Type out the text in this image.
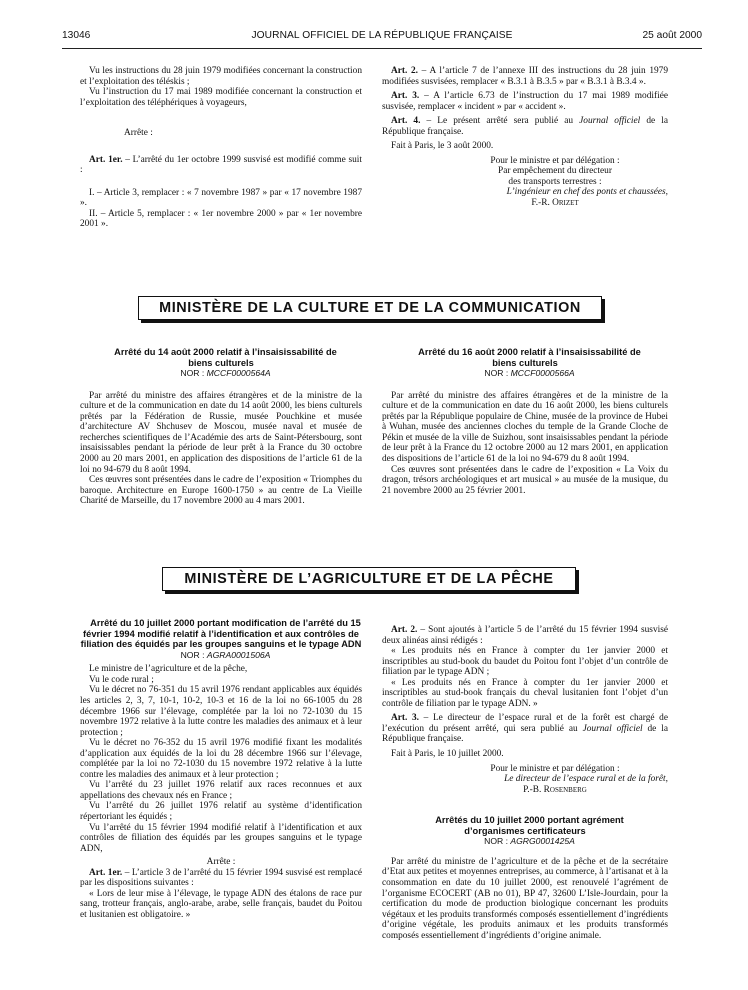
13046	JOURNAL OFFICIEL DE LA RÉPUBLIQUE FRANÇAISE	25 août 2000

Vu les instructions du 28 juin 1979 modifiées concernant la construction et l’exploitation des téléskis ;

Vu l’instruction du 17 mai 1989 modifiée concernant la construction et l’exploitation des téléphériques à voyageurs,

Arrête :

Art. 1er. – L’arrêté du 1er octobre 1999 susvisé est modifié comme suit :

I. – Article 3, remplacer : « 7 novembre 1987 » par « 17 novembre 1987 ».

II. – Article 5, remplacer : « 1er novembre 2000 » par « 1er novembre 2001 ».

Art. 2. – A l’article 7 de l’annexe III des instructions du 28 juin 1979 modifiées susvisées, remplacer « B.3.1 à B.3.5 » par « B.3.1 à B.3.4 ».

Art. 3. – A l’article 6.73 de l’instruction du 17 mai 1989 modifiée susvisée, remplacer « incident » par « accident ».

Art. 4. – Le présent arrêté sera publié au Journal officiel de la République française.

Fait à Paris, le 3 août 2000.

Pour le ministre et par délégation :

Par empêchement du directeur

des transports terrestres :

L’ingénieur en chef des ponts et chaussées,

F.-R. Orizet

MINISTÈRE DE LA CULTURE ET DE LA COMMUNICATION

Arrêté du 14 août 2000 relatif à l’insaisissabilité de biens culturels

NOR : MCCF0000564A

Par arrêté du ministre des affaires étrangères et de la ministre de la culture et de la communication en date du 14 août 2000, les biens culturels prêtés par la Fédération de Russie, musée Pouchkine et musée d’architecture AV Shchusev de Moscou, musée naval et musée de recherches scientifiques de l’Académie des arts de Saint-Pétersbourg, sont insaisissables pendant la période de leur prêt à la France du 30 octobre 2000 au 20 mars 2001, en application des dispositions de l’article 61 de la loi no 94-679 du 8 août 1994.

Ces œuvres sont présentées dans le cadre de l’exposition « Triomphes du baroque. Architecture en Europe 1600-1750 » au centre de La Vieille Charité de Marseille, du 17 novembre 2000 au 4 mars 2001.

Arrêté du 16 août 2000 relatif à l’insaisissabilité de biens culturels

NOR : MCCF0000566A

Par arrêté du ministre des affaires étrangères et de la ministre de la culture et de la communication en date du 16 août 2000, les biens culturels prêtés par la République populaire de Chine, musée de la province de Hubei à Wuhan, musée des anciennes cloches du temple de la Grande Cloche de Pékin et musée de la ville de Suizhou, sont insaisissables pendant la période de leur prêt à la France du 12 octobre 2000 au 12 mars 2001, en application des dispositions de l’article 61 de la loi no 94-679 du 8 août 1994.

Ces œuvres sont présentées dans le cadre de l’exposition « La Voix du dragon, trésors archéologiques et art musical » au musée de la musique, du 21 novembre 2000 au 25 février 2001.

MINISTÈRE DE L’AGRICULTURE ET DE LA PÊCHE

Arrêté du 10 juillet 2000 portant modification de l’arrêté du 15 février 1994 modifié relatif à l’identification et aux contrôles de filiation des équidés par les groupes sanguins et le typage ADN

NOR : AGRA0001506A

Le ministre de l’agriculture et de la pêche,

Vu le code rural ;

Vu le décret no 76-351 du 15 avril 1976 rendant applicables aux équidés les articles 2, 3, 7, 10-1, 10-2, 10-3 et 16 de la loi no 66-1005 du 28 décembre 1966 sur l’élevage, complétée par la loi no 72-1030 du 15 novembre 1972 relative à la lutte contre les maladies des animaux et à leur protection ;

Vu le décret no 76-352 du 15 avril 1976 modifié fixant les modalités d’application aux équidés de la loi du 28 décembre 1966 sur l’élevage, complétée par la loi no 72-1030 du 15 novembre 1972 relative à la lutte contre les maladies des animaux et à leur protection ;

Vu l’arrêté du 23 juillet 1976 relatif aux races reconnues et aux appellations des chevaux nés en France ;

Vu l’arrêté du 26 juillet 1976 relatif au système d’identification répertoriant les équidés ;

Vu l’arrêté du 15 février 1994 modifié relatif à l’identification et aux contrôles de filiation des équidés par les groupes sanguins et le typage ADN,

Arrête :

Art. 1er. – L’article 3 de l’arrêté du 15 février 1994 susvisé est remplacé par les dispositions suivantes :

« Lors de leur mise à l’élevage, le typage ADN des étalons de race pur sang, trotteur français, anglo-arabe, arabe, selle français, baudet du Poitou et lusitanien est obligatoire. »

Art. 2. – Sont ajoutés à l’article 5 de l’arrêté du 15 février 1994 susvisé deux alinéas ainsi rédigés :

« Les produits nés en France à compter du 1er janvier 2000 et inscriptibles au stud-book du baudet du Poitou font l’objet d’un contrôle de filiation par le typage ADN ;

« Les produits nés en France à compter du 1er janvier 2000 et inscriptibles au stud-book français du cheval lusitanien font l’objet d’un contrôle de filiation par le typage ADN. »

Art. 3. – Le directeur de l’espace rural et de la forêt est chargé de l’exécution du présent arrêté, qui sera publié au Journal officiel de la République française.

Fait à Paris, le 10 juillet 2000.

Pour le ministre et par délégation :

Le directeur de l’espace rural et de la forêt,

P.-B. Rosenberg

Arrêtés du 10 juillet 2000 portant agrément d’organismes certificateurs

NOR : AGRG0001425A

Par arrêté du ministre de l’agriculture et de la pêche et de la secrétaire d’Etat aux petites et moyennes entreprises, au commerce, à l’artisanat et à la consommation en date du 10 juillet 2000, est renouvelé l’agrément de l’organisme ECOCERT (AB no 01), BP 47, 32600 L’Isle-Jourdain, pour la certification du mode de production biologique concernant les produits végétaux et les produits transformés composés essentiellement d’ingrédients d’origine végétale, les produits animaux et les produits transformés composés essentiellement d’ingrédients d’origine animale.
